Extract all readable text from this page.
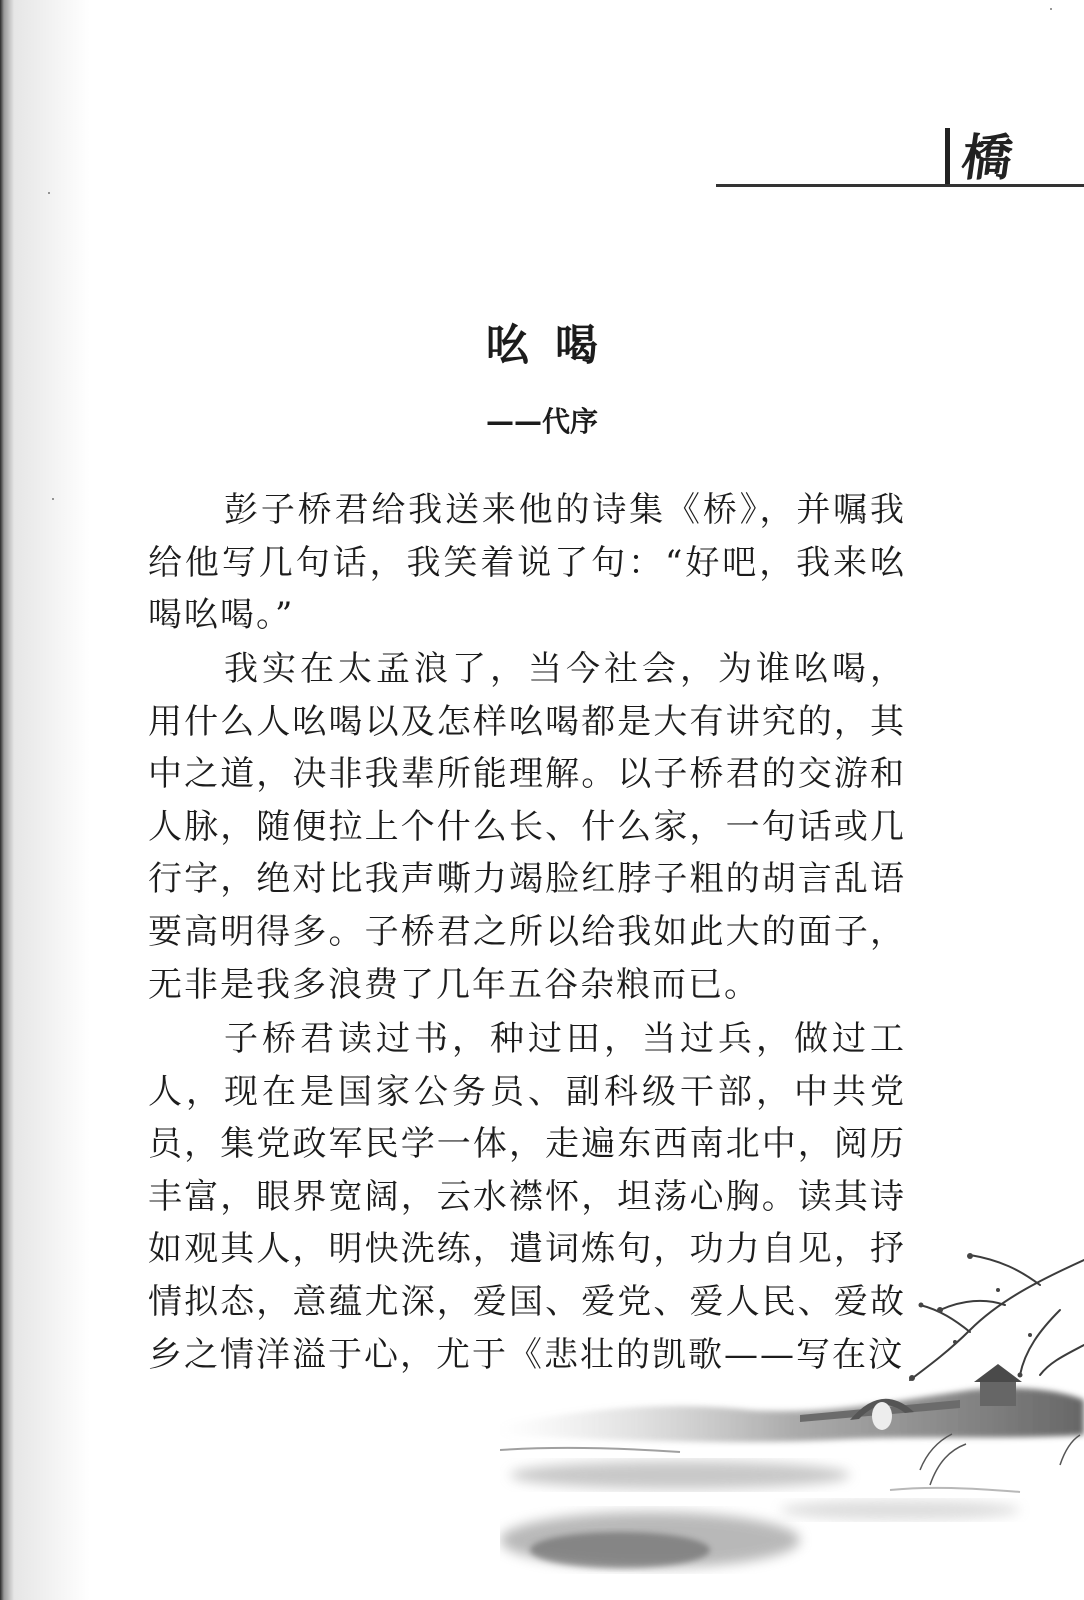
橋
吆喝
——代序

彭子桥君给我送来他的诗集《桥》，并嘱我给他写几句话，我笑着说了句：“好吧，我来吆喝吆喝。”

我实在太孟浪了，当今社会，为谁吆喝，用什么人吆喝以及怎样吆喝都是大有讲究的，其中之道，决非我辈所能理解。以子桥君的交游和人脉，随便拉上个什么长、什么家，一句话或几行字，绝对比我声嘶力竭脸红脖子粗的胡言乱语要高明得多。子桥君之所以给我如此大的面子，无非是我多浪费了几年五谷杂粮而已。

子桥君读过书，种过田，当过兵，做过工人，现在是国家公务员、副科级干部，中共党员，集党政军民学一体，走遍东西南北中，阅历丰富，眼界宽阔，云水襟怀，坦荡心胸。读其诗如观其人，明快洗练，遣词炼句，功力自见，抒情拟态，意蕴尤深，爱国、爱党、爱人民、爱故乡之情洋溢于心，尤于《悲壮的凯歌——写在汶
